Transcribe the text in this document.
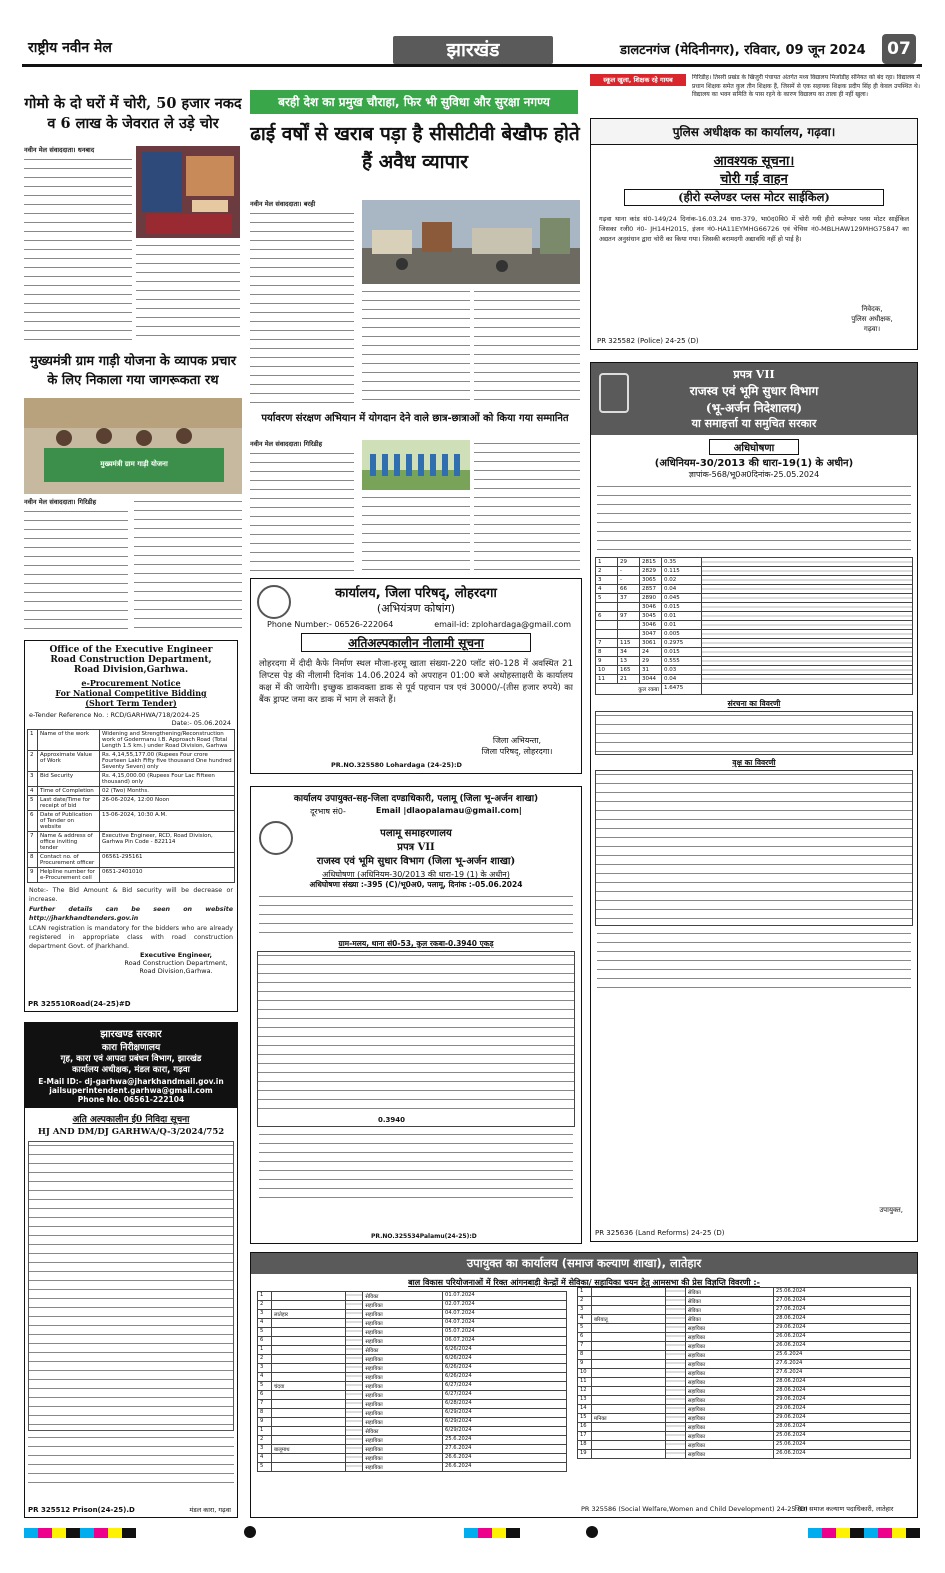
राष्ट्रीय नवीन मेल	झारखंड	डालटनगंज (मेदिनीनगर), रविवार, 09 जून 2024	07
गोमो के दो घरों में चोरी, 50 हजार नकद व 6 लाख के जेवरात ले उड़े चोर
नवीन मेल संवाददाता। धनबाद
बरही देश का प्रमुख चौराहा, फिर भी सुविधा और सुरक्षा नगण्य
ढाई वर्षों से खराब पड़ा है सीसीटीवी बेखौफ होते हैं अवैध व्यापार
नवीन मेल संवाददाता। बरही
स्कूल खुला, शिक्षक रहे गायब	गिरिडीह। तिसरी प्रखंड के खिजुरी पंचायत अंतर्गत मध्य विद्यालय मिर्जाडीह संनियत को बंद रहा। विद्यालय में प्रधान शिक्षक समेत कुल तीन शिक्षक हैं, जिसमें से एक सहायक शिक्षक प्रदीप सिंह ही केवल उपस्थित थे। विद्यालय का भवन समिति के पास रहने के कारण विद्यालय का ताला ही नहीं खुला।
पुलिस अधीक्षक का कार्यालय, गढ़वा।
आवश्यक सूचना।
चोरी गई वाहन
(हीरो स्प्लेण्डर प्लस मोटर साईकिल)
गढ़वा थाना कांड सं0-149/24 दिनांक-16.03.24 धारा-379, भा0द0वि0 में चोरी गयी हीरो स्प्लेण्डर प्लस मोटर साईकिल जिसका रजी0 नं0- JH14H2015, इंजन नं0-HA11EYMHG66726 एवं चेचिस नं0-MBLHAW129MHG75847 का अद्यतन अनुसंधान द्वारा चोरी का किया गया। जिसकी बरामदगी अद्यावधि नहीं हो पाई है।
निवेदक,
पुलिस अधीक्षक,
गढ़वा।
PR 325582 (Police) 24-25 (D)
मुख्यमंत्री ग्राम गाड़ी योजना के व्यापक प्रचार के लिए निकाला गया जागरूकता रथ
मुख्यमंत्री ग्राम गाड़ी योजना
नवीन मेल संवाददाता। गिरिडीह
पर्यावरण संरक्षण अभियान में योगदान देने वाले छात्र-छात्राओं को किया गया सम्मानित
नवीन मेल संवाददाता। गिरिडीह
Office of the Executive Engineer
Road Construction Department,
Road Division,Garhwa.
e-Procurement Notice
For National Competitive Bidding
(Short Term Tender)
e-Tender Reference No. : RCD/GARHWA/718/2024-25
Date:- 05.06.2024
1	Name of the work	Widening and Strengthening/Reconstruction work of Godermanu I.B. Approach Road (Total Length 1.5 km.) under Road Division, Garhwa
2	Approximate Value of Work	Rs. 4,14,55,177.00 (Rupees Four crore Fourteen Lakh Fifty five thousand One hundred Seventy Seven) only
3	Bid Security	Rs. 4,15,000.00 (Rupees Four Lac Fifteen thousand) only
4	Time of Completion	02 (Two) Months.
5	Last date/Time for receipt of bid	26-06-2024, 12:00 Noon
6	Date of Publication of Tender on website	13-06-2024, 10:30 A.M.
7	Name & address of office inviting tender	Executive Engineer, RCD, Road Division, Garhwa Pin Code - 822114
8	Contact no. of Procurement officer	06561-295161
9	Helpline number for e-Procurement cell	0651-2401010
Note:- The Bid Amount & Bid security will be decrease or increase.
Further details can be seen on website http://jharkhandtenders.gov.in
LCAN registration is mandatory for the bidders who are already registered in appropriate class with road construction department Govt. of Jharkhand.
Executive Engineer,
Road Construction Department,
Road Division,Garhwa.
PR 325510Road(24-25)#D
झारखण्ड सरकार
कारा निरीक्षणालय
गृह, कारा एवं आपदा प्रबंधन विभाग, झारखंड
कार्यालय अधीक्षक, मंडल कारा, गढ़वा
E-Mail ID:- dj-garhwa@jharkhandmail.gov.in
jailsuperintendent.garhwa@gmail.com
Phone No. 06561-222104
अति अल्पकालीन ई0 निविदा सूचना
HJ AND DM/DJ GARHWA/Q-3/2024/752
PR 325512 Prison(24-25).D	मंडल कारा, गढ़वा
कार्यालय, जिला परिषद्, लोहरदगा
(अभियंत्रण कोषांग)
Phone Number:- 06526-222064	email-id: zplohardaga@gmail.com
अतिअल्पकालीन नीलामी सूचना
लोहरदगा में दीदी कैफे निर्माण स्थल मौजा-हरमू खाता संख्या-220 प्लॉट सं0-128 में अवस्थित 21 लिप्टस पेड़ की नीलामी दिनांक 14.06.2024 को अपराहन 01:00 बजे अधोहस्ताक्षरी के कार्यालय कक्ष में की जायेगी। इच्छुक डाकवक्ता डाक से पूर्व पहचान पत्र एवं 30000/-(तीस हजार रुपये) का बैंक ड्राफ्ट जमा कर डाक में भाग ले सकते हैं।
जिला अभियन्ता,
जिला परिषद्, लोहरदगा।
PR.NO.325580 Lohardaga (24-25):D
कार्यालय उपायुक्त-सह-जिला दण्डाधिकारी, पलामू (जिला भू-अर्जन शाखा)
दूरभाष सं0-	Email |dlaopalamau@gmail.com|
पलामू समाहरणालय
प्रपत्र VII
राजस्व एवं भूमि सुधार विभाग (जिला भू-अर्जन शाखा)
अधिघोषणा (अधिनियम-30/2013 की धारा-19 (1) के अधीन)
अधिघोषणा संख्या :-395 (C)/भू0अ0, पलामू, दिनांक :-05.06.2024
ग्राम-मलय, थाना सं0-53, कुल रकबा-0.3940 एकड़
0.3940
PR.NO.325534Palamu(24-25):D
प्रपत्र VII
राजस्व एवं भूमि सुधार विभाग
(भू-अर्जन निदेशालय)
या समाहर्त्ता या समुचित सरकार
अधिघोषणा
(अधिनियम-30/2013 की धारा-19(1) के अधीन)
ज्ञापांक-568/भू0अ0दिनांक-25.05.2024
1	29	2815	0.35	
2	-	2829	0.115	
3	-	3065	0.02	
4	66	2857	0.04	
5	37	2890	0.045	
		3046	0.015	
6	97	3045	0.01	
		3046	0.01	
		3047	0.005	
7	115	3061	0.2975	
8	34	24	0.015	
9	13	29	0.555	
10	165	31	0.03	
11	21	3044	0.04	
कुल रकबा			1.6475	
संरचना का विवरणी
वृक्ष का विवरणी
उपायुक्त,
PR 325636 (Land Reforms) 24-25 (D)
उपायुक्त का कार्यालय (समाज कल्याण शाखा), लातेहार
बाल विकास परियोजनाओं में रिक्त आंगनबाड़ी केन्द्रों में सेविका/ सहायिका चयन हेतु आमसभा की प्रेस विज्ञप्ति विवरणी :-

1			सेविका	01.07.2024
2			सहायिका	02.07.2024
3	लातेहार		सहायिका	04.07.2024
4			सहायिका	04.07.2024
5			सहायिका	05.07.2024
6			सहायिका	06.07.2024
1			सेविका	6/26/2024
2			सहायिका	6/26/2024
3			सहायिका	6/26/2024
4			सहायिका	6/26/2024
5	चंदवा		सहायिका	6/27/2024
6			सहायिका	6/27/2024
7			सहायिका	6/28/2024
8			सहायिका	6/29/2024
9			सहायिका	6/29/2024
1			सेविका	6/29/2024
2			सहायिका	25.6.2024
3	बालूमाथ		सहायिका	27.6.2024
4			सहायिका	26.6.2024
5			सहायिका	26.6.2024

1			सेविका	25.06.2024
2			सेविका	27.06.2024
3			सेविका	27.06.2024
4	बरियातू		सेविका	28.06.2024
5			सहायिका	29.06.2024
6			सहायिका	26.06.2024
7			सहायिका	26.06.2024
8			सहायिका	25.6.2024
9			सहायिका	27.6.2024
10			सहायिका	27.6.2024
11			सहायिका	28.06.2024
12			सहायिका	28.06.2024
13			सहायिका	29.06.2024
14			सहायिका	29.06.2024
15	मनिका		सहायिका	29.06.2024
16			सहायिका	28.06.2024
17			सहायिका	25.06.2024
18			सहायिका	25.06.2024
19			सहायिका	26.06.2024
जिला समाज कल्याण पदाधिकारी, लातेहार
PR 325586 (Social Welfare,Women and Child Development) 24-25 (D)
